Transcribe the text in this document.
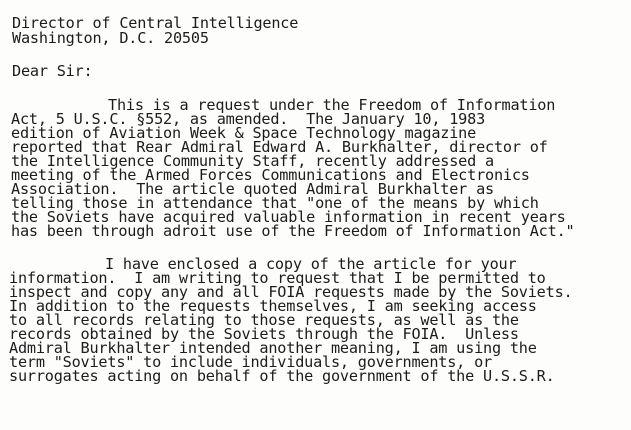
Director of Central Intelligence
Washington, D.C. 20505
Dear Sir:
This is a request under the Freedom of Information
Act, 5 U.S.C. §552, as amended.  The January 10, 1983
edition of Aviation Week & Space Technology magazine
reported that Rear Admiral Edward A. Burkhalter, director of
the Intelligence Community Staff, recently addressed a
meeting of the Armed Forces Communications and Electronics
Association.  The article quoted Admiral Burkhalter as
telling those in attendance that "one of the means by which
the Soviets have acquired valuable information in recent years
has been through adroit use of the Freedom of Information Act."
I have enclosed a copy of the article for your
information.  I am writing to request that I be permitted to
inspect and copy any and all FOIA requests made by the Soviets.
In addition to the requests themselves, I am seeking access
to all records relating to those requests, as well as the
records obtained by the Soviets through the FOIA.  Unless
Admiral Burkhalter intended another meaning, I am using the
term "Soviets" to include individuals, governments, or
surrogates acting on behalf of the government of the U.S.S.R.
